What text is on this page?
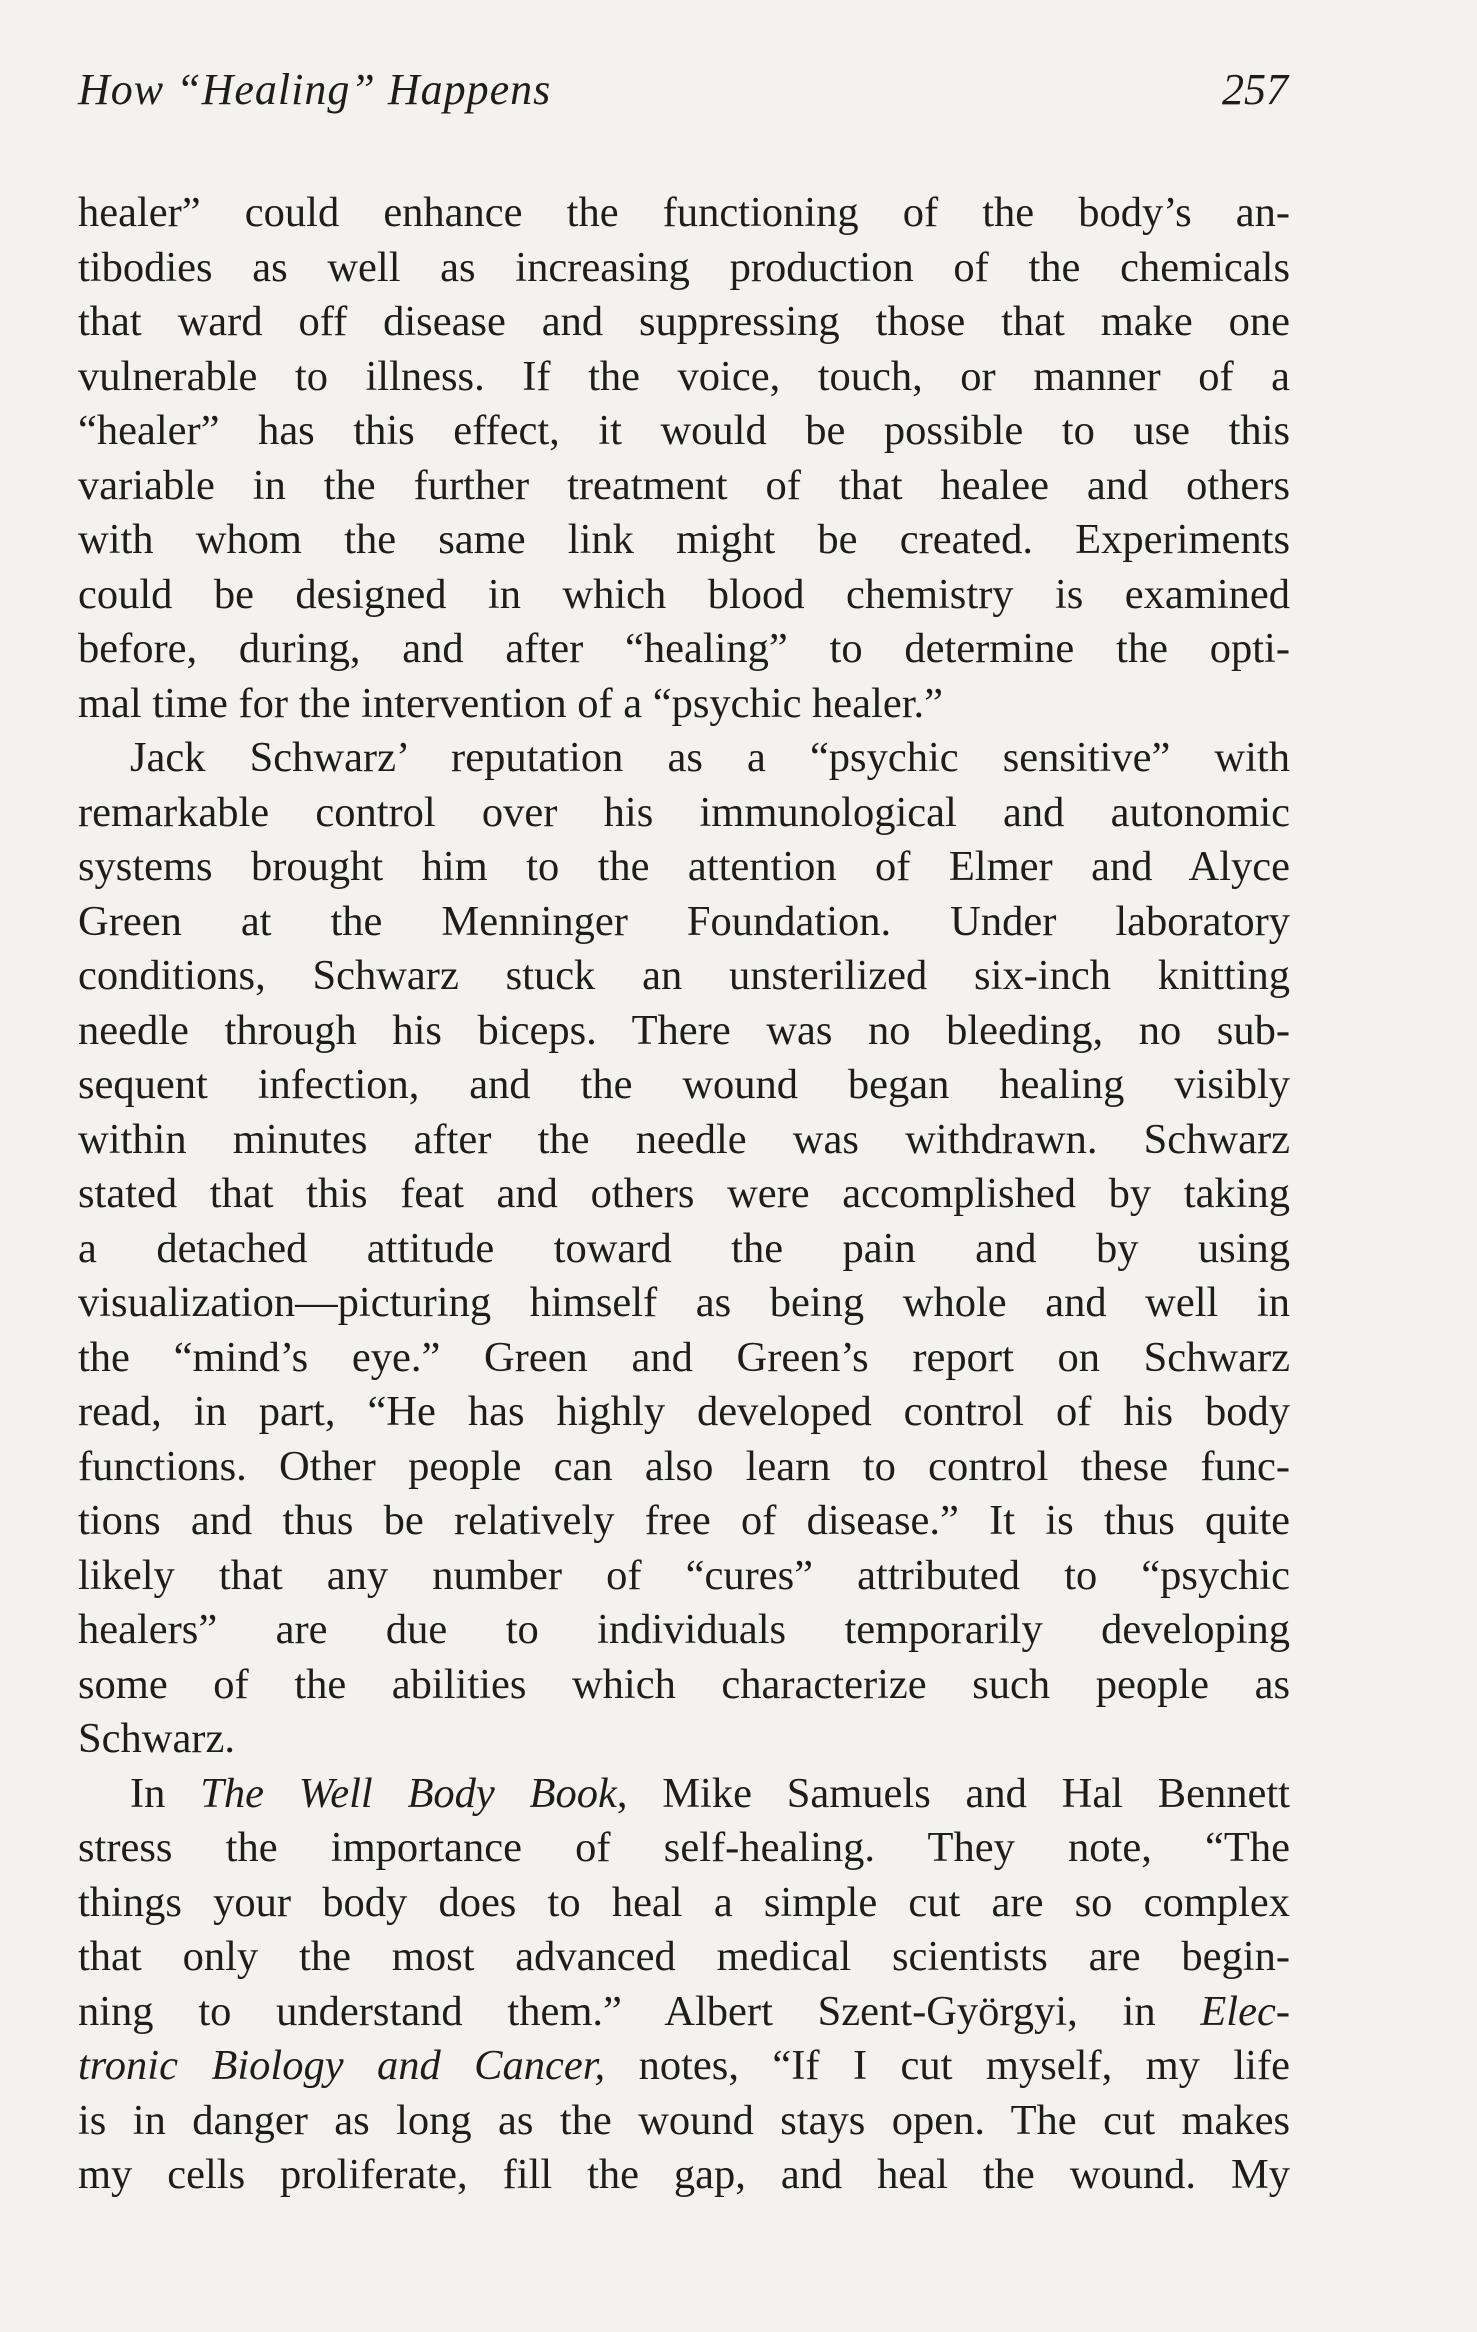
How “Healing” Happens	257
healer” could enhance the functioning of the body’s an-
tibodies as well as increasing production of the chemicals
that ward off disease and suppressing those that make one
vulnerable to illness. If the voice, touch, or manner of a
“healer” has this effect, it would be possible to use this
variable in the further treatment of that healee and others
with whom the same link might be created. Experiments
could be designed in which blood chemistry is examined
before, during, and after “healing” to determine the opti-
mal time for the intervention of a “psychic healer.”
Jack Schwarz’ reputation as a “psychic sensitive” with
remarkable control over his immunological and autonomic
systems brought him to the attention of Elmer and Alyce
Green at the Menninger Foundation. Under laboratory
conditions, Schwarz stuck an unsterilized six-inch knitting
needle through his biceps. There was no bleeding, no sub-
sequent infection, and the wound began healing visibly
within minutes after the needle was withdrawn. Schwarz
stated that this feat and others were accomplished by taking
a detached attitude toward the pain and by using
visualization—picturing himself as being whole and well in
the “mind’s eye.” Green and Green’s report on Schwarz
read, in part, “He has highly developed control of his body
functions. Other people can also learn to control these func-
tions and thus be relatively free of disease.” It is thus quite
likely that any number of “cures” attributed to “psychic
healers” are due to individuals temporarily developing
some of the abilities which characterize such people as
Schwarz.
In The Well Body Book, Mike Samuels and Hal Bennett
stress the importance of self-healing. They note, “The
things your body does to heal a simple cut are so complex
that only the most advanced medical scientists are begin-
ning to understand them.” Albert Szent-Györgyi, in Elec-
tronic Biology and Cancer, notes, “If I cut myself, my life
is in danger as long as the wound stays open. The cut makes
my cells proliferate, fill the gap, and heal the wound. My
